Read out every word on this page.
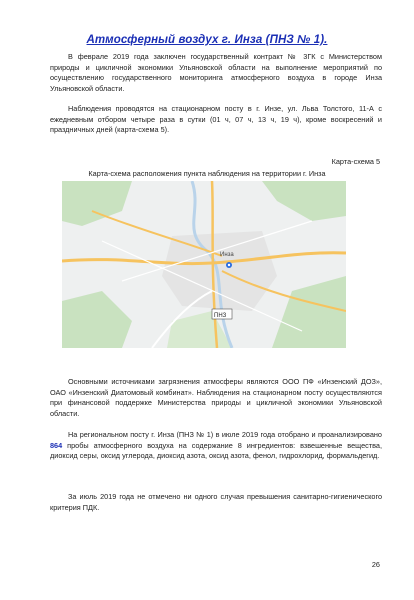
Атмосферный воздух г. Инза (ПНЗ № 1).

В феврале 2019 года заключен государственный контракт № 3ГК с Министерством природы и цикличной экономики Ульяновской области на выполнение мероприятий по осуществлению государственного мониторинга атмосферного воздуха в городе Инза Ульяновской области.

Наблюдения проводятся на стационарном посту в г. Инзе, ул. Льва Толстого, 11-А с ежедневным отбором четыре раза в сутки (01 ч, 07 ч, 13 ч, 19 ч), кроме воскресений и праздничных дней (карта-схема 5).

Карта-схема 5
Карта-схема расположения пункта наблюдения на территории г. Инза
Инза
ПНЗ

Основными источниками загрязнения атмосферы являются ООО ПФ «Инзенский ДОЗ», ОАО «Инзенский Диатомовый комбинат». Наблюдения на стационарном посту осуществляются при финансовой поддержке Министерства природы и цикличной экономики Ульяновской области.

На региональном посту г. Инза (ПНЗ № 1) в июле 2019 года отобрано и проанализировано 864 пробы атмосферного воздуха на содержание 8 ингредиентов: взвешенные вещества, диоксид серы, оксид углерода, диоксид азота, оксид азота, фенол, гидрохлорид, формальдегид.

За июль 2019 года не отмечено ни одного случая превышения санитарно-гигиенического критерия ПДК.

26
